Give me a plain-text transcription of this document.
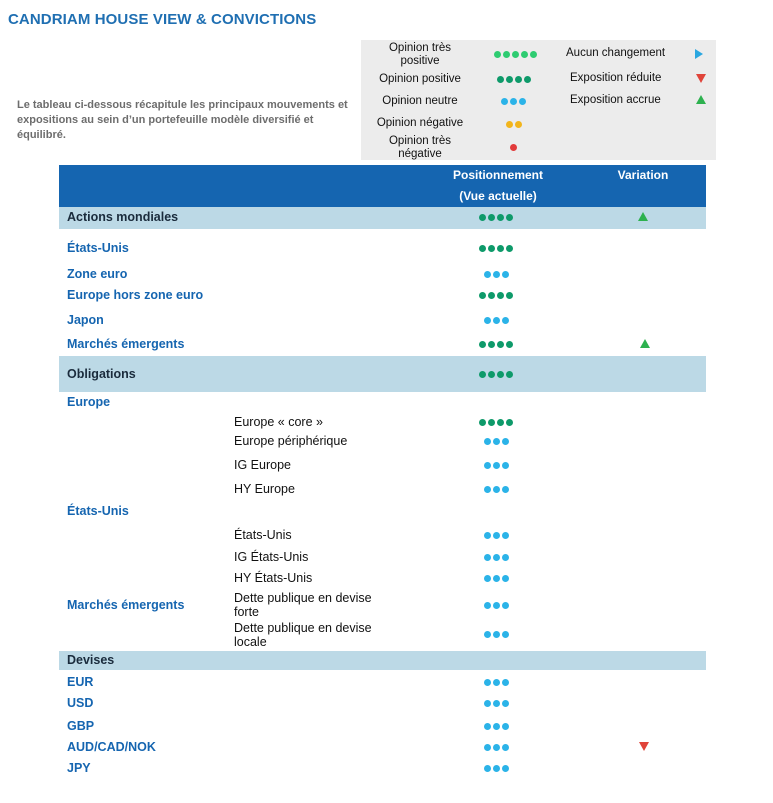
CANDRIAM HOUSE VIEW & CONVICTIONS
Le tableau ci-dessous récapitule les principaux mouvements et expositions au sein d’un portefeuille modèle diversifié et équilibré.
Opinion très positive
Opinion positive
Opinion neutre
Opinion négative
Opinion très négative
Aucun changement
Exposition réduite
Exposition accrue
Positionnement
(Vue actuelle)
Variation
Actions mondiales
États-Unis
Zone euro
Europe hors zone euro
Japon
Marchés émergents
Obligations
Europe
Europe « core »
Europe périphérique
IG Europe
HY Europe
États-Unis
États-Unis
IG États-Unis
HY États-Unis
Marchés émergents	Dette publique en devise
forte
Dette publique en devise
locale
Devises
EUR
USD
GBP
AUD/CAD/NOK
JPY
